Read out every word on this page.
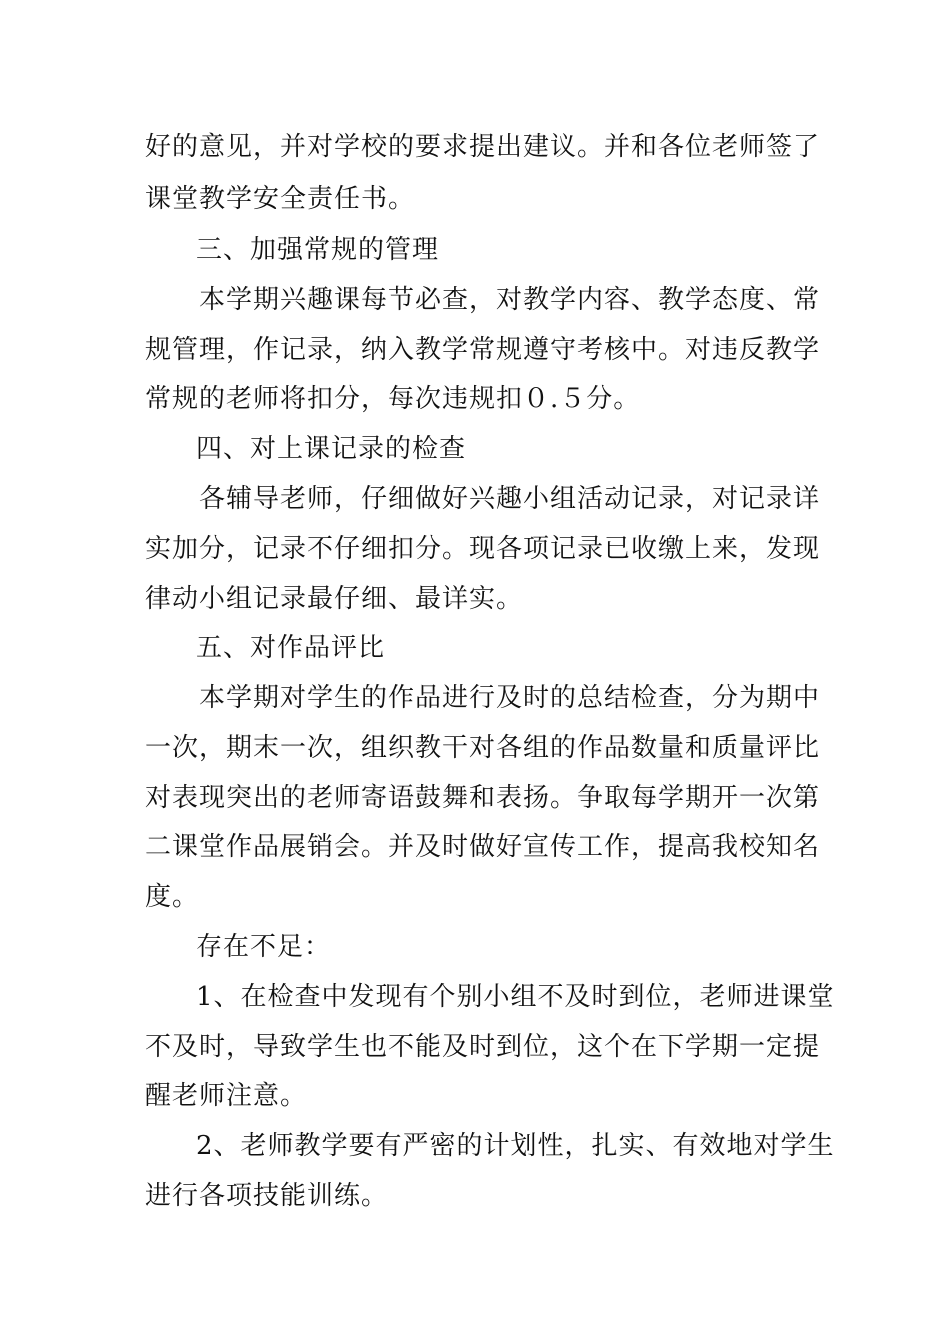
好的意见，并对学校的要求提出建议。并和各位老师签了
课堂教学安全责任书。
三、加强常规的管理
本学期兴趣课每节必查，对教学内容、教学态度、常
规管理，作记录，纳入教学常规遵守考核中。对违反教学
常规的老师将扣分，每次违规扣０.５分。
四、对上课记录的检查
各辅导老师，仔细做好兴趣小组活动记录，对记录详
实加分，记录不仔细扣分。现各项记录已收缴上来，发现
律动小组记录最仔细、最详实。
五、对作品评比
本学期对学生的作品进行及时的总结检查，分为期中
一次，期末一次，组织教干对各组的作品数量和质量评比
对表现突出的老师寄语鼓舞和表扬。争取每学期开一次第
二课堂作品展销会。并及时做好宣传工作，提高我校知名
度。
存在不足：
1、在检查中发现有个别小组不及时到位，老师进课堂
不及时，导致学生也不能及时到位，这个在下学期一定提
醒老师注意。
2、老师教学要有严密的计划性，扎实、有效地对学生
进行各项技能训练。
